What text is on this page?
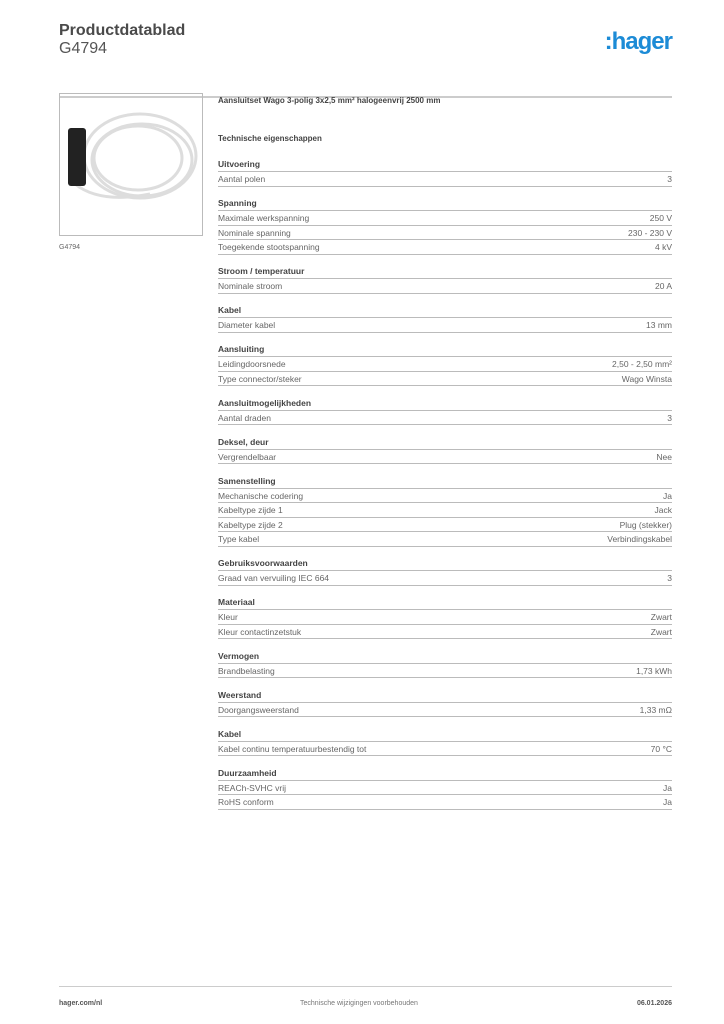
Productdatablad
G4794	:hager
G4794
Aansluitset Wago 3-polig 3x2,5 mm² halogeenvrij 2500 mm
Technische eigenschappen
Uitvoering
Aantal polen	3
Spanning
Maximale werkspanning	250 V
Nominale spanning	230 - 230 V
Toegekende stootspanning	4 kV
Stroom / temperatuur
Nominale stroom	20 A
Kabel
Diameter kabel	13 mm
Aansluiting
Leidingdoorsnede	2,50 - 2,50 mm²
Type connector/steker	Wago Winsta
Aansluitmogelijkheden
Aantal draden	3
Deksel, deur
Vergrendelbaar	Nee
Samenstelling
Mechanische codering	Ja
Kabeltype zijde 1	Jack
Kabeltype zijde 2	Plug (stekker)
Type kabel	Verbindingskabel
Gebruiksvoorwaarden
Graad van vervuiling IEC 664	3
Materiaal
Kleur	Zwart
Kleur contactinzetstuk	Zwart
Vermogen
Brandbelasting	1,73 kWh
Weerstand
Doorgangsweerstand	1,33 mΩ
Kabel
Kabel continu temperatuurbestendig tot	70 °C
Duurzaamheid
REACh-SVHC vrij	Ja
RoHS conform	Ja
hager.com/nl	Technische wijzigingen voorbehouden	06.01.2026
